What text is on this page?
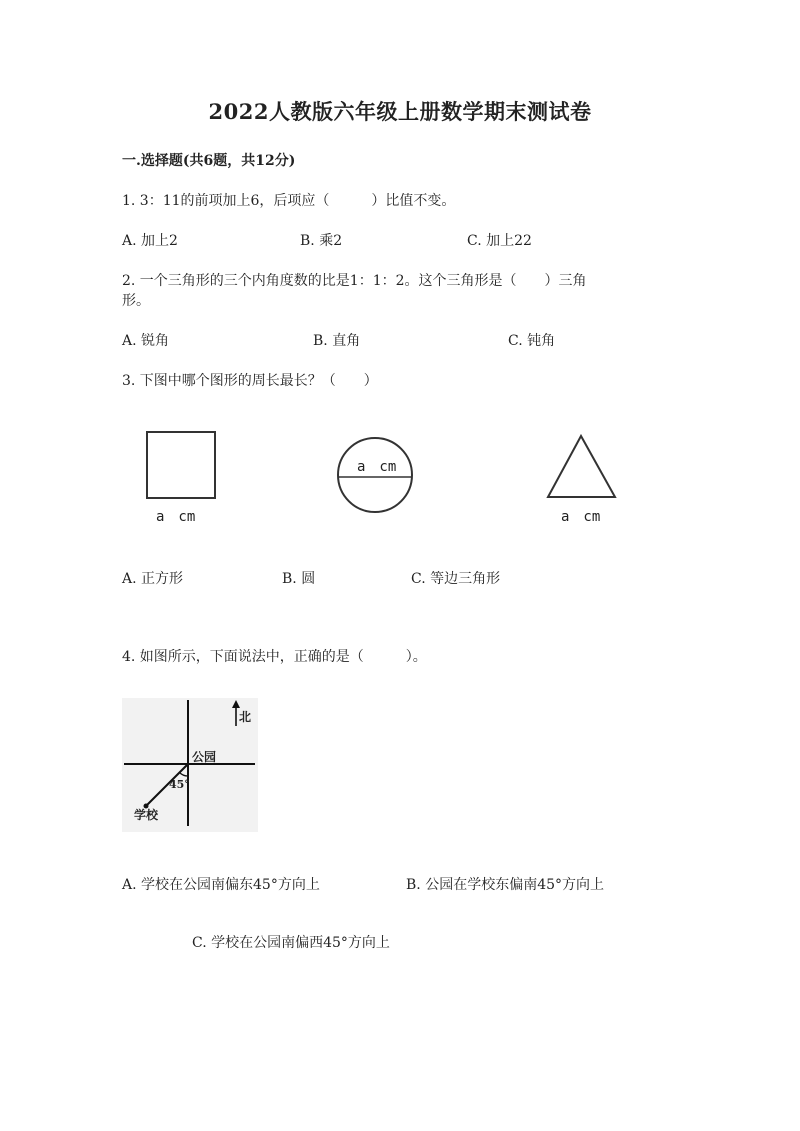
2022人教版六年级上册数学期末测试卷
一.选择题(共6题，共12分)
1. 3：11的前项加上6，后项应（　　　）比值不变。
A. 加上2	B. 乘2	C. 加上22
2. 一个三角形的三个内角度数的比是1：1：2。这个三角形是（　　）三角
形。
A. 锐角	B. 直角	C. 钝角
3. 下图中哪个图形的周长最长？（　　）
a　cm
a　cm
a　cm
A. 正方形	B. 圆	C. 等边三角形
4. 如图所示，下面说法中，正确的是（　　　）。
北
公园
45°
学校
A. 学校在公园南偏东45°方向上	B. 公园在学校东偏南45°方向上
C. 学校在公园南偏西45°方向上
